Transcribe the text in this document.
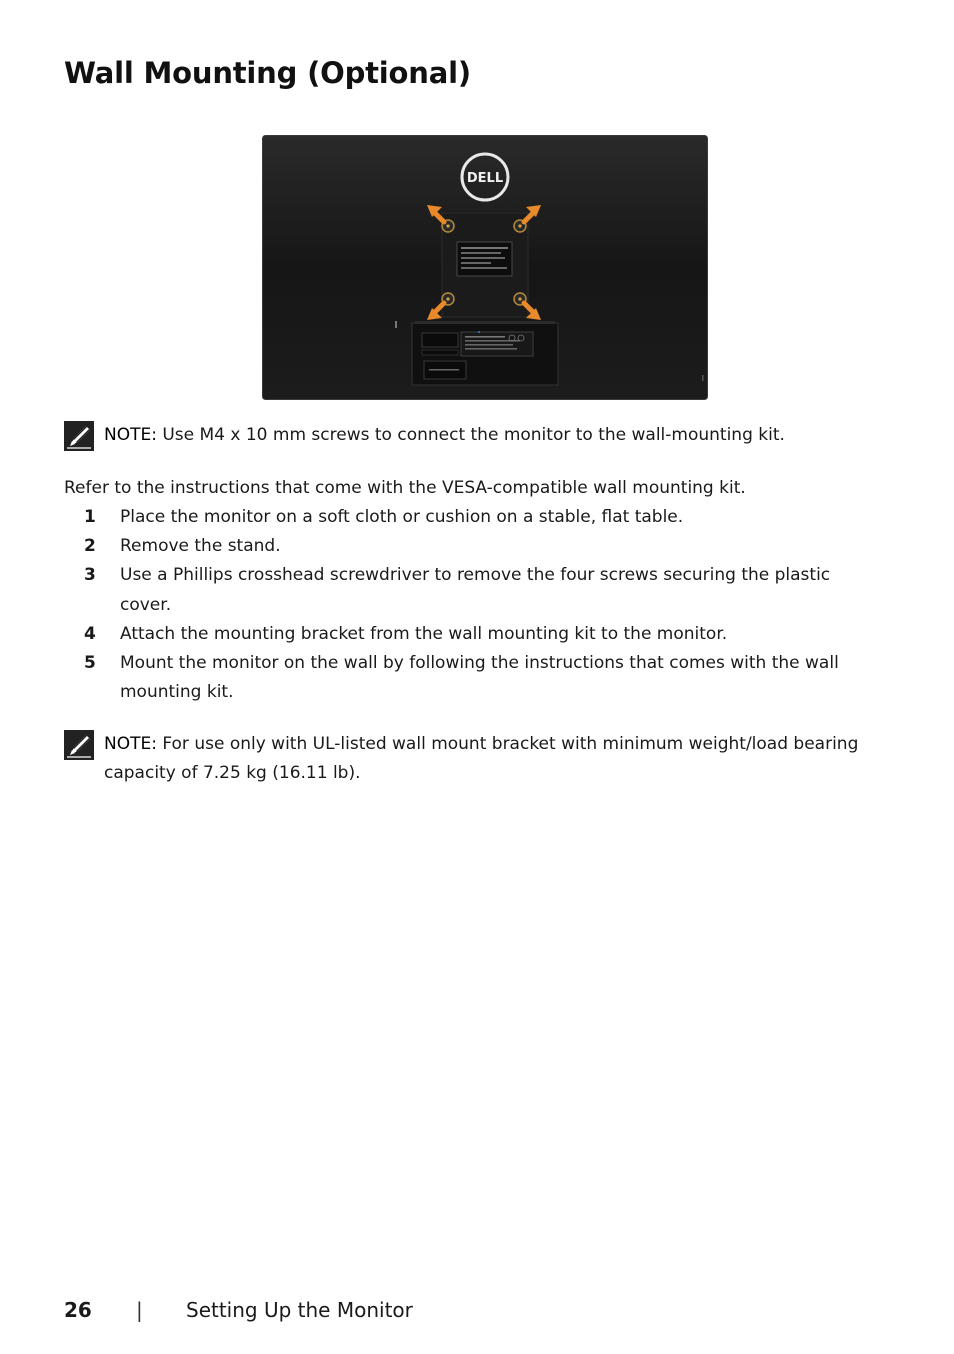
Wall Mounting (Optional)
DELL
NOTE: Use M4 x 10 mm screws to connect the monitor to the wall-mounting kit.

Refer to the instructions that come with the VESA-compatible wall mounting kit.

1 Place the monitor on a soft cloth or cushion on a stable, flat table.
2 Remove the stand.
3 Use a Phillips crosshead screwdriver to remove the four screws securing the plastic cover.
4 Attach the mounting bracket from the wall mounting kit to the monitor.
5 Mount the monitor on the wall by following the instructions that comes with the wall mounting kit.
NOTE: For use only with UL-listed wall mount bracket with minimum weight/load bearing capacity of 7.25 kg (16.11 lb).
26 | Setting Up the Monitor
